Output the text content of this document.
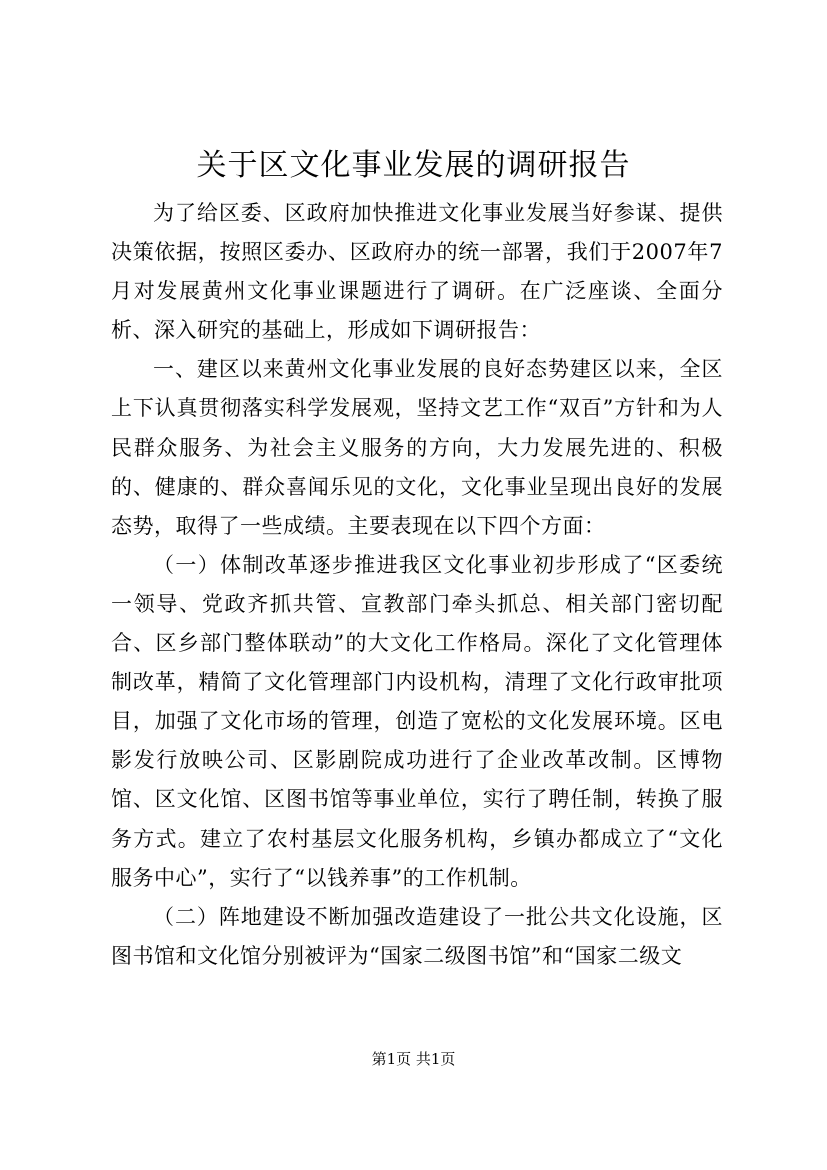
关于区文化事业发展的调研报告

为了给区委、区政府加快推进文化事业发展当好参谋、提供决策依据，按照区委办、区政府办的统一部署，我们于2007年7月对发展黄州文化事业课题进行了调研。在广泛座谈、全面分析、深入研究的基础上，形成如下调研报告：

一、建区以来黄州文化事业发展的良好态势建区以来，全区上下认真贯彻落实科学发展观，坚持文艺工作“双百”方针和为人民群众服务、为社会主义服务的方向，大力发展先进的、积极的、健康的、群众喜闻乐见的文化，文化事业呈现出良好的发展态势，取得了一些成绩。主要表现在以下四个方面：

（一）体制改革逐步推进我区文化事业初步形成了“区委统一领导、党政齐抓共管、宣教部门牵头抓总、相关部门密切配合、区乡部门整体联动”的大文化工作格局。深化了文化管理体制改革，精简了文化管理部门内设机构，清理了文化行政审批项目，加强了文化市场的管理，创造了宽松的文化发展环境。区电影发行放映公司、区影剧院成功进行了企业改革改制。区博物馆、区文化馆、区图书馆等事业单位，实行了聘任制，转换了服务方式。建立了农村基层文化服务机构，乡镇办都成立了“文化服务中心”，实行了“以钱养事”的工作机制。

（二）阵地建设不断加强改造建设了一批公共文化设施，区图书馆和文化馆分别被评为“国家二级图书馆”和“国家二级文

第1页 共1页
